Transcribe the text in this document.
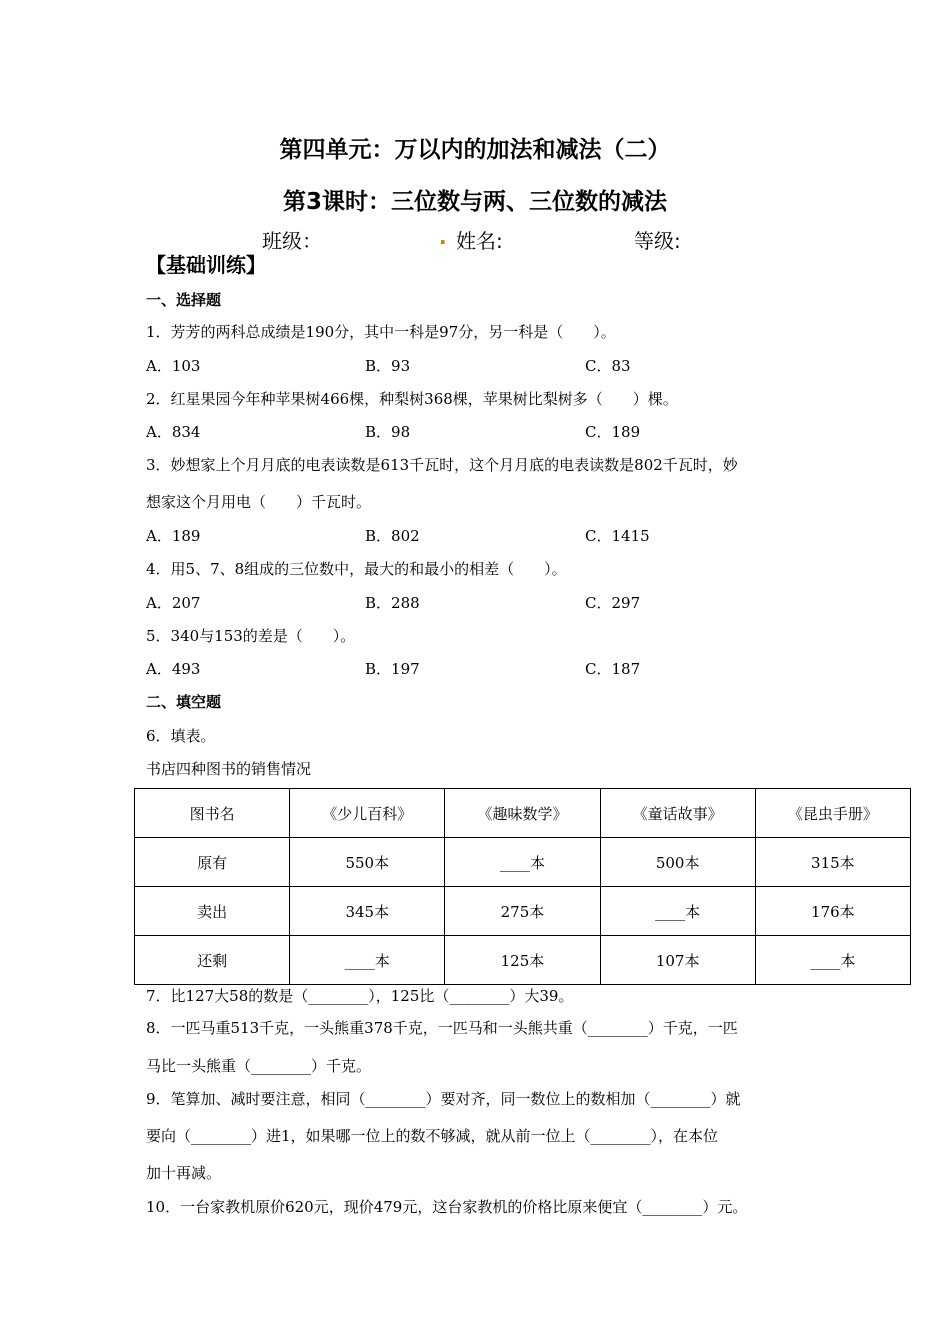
第四单元：万以内的加法和减法（二）
第3课时：三位数与两、三位数的减法
班级：	. 姓名:	等级:
【基础训练】
一、选择题
1．芳芳的两科总成绩是190分，其中一科是97分，另一科是（　　）。
A．103	B．93	C．83
2．红星果园今年种苹果树466棵，种梨树368棵，苹果树比梨树多（　　）棵。
A．834	B．98	C．189
3．妙想家上个月月底的电表读数是613千瓦时，这个月月底的电表读数是802千瓦时，妙
想家这个月用电（　　）千瓦时。
A．189	B．802	C．1415
4．用5、7、8组成的三位数中，最大的和最小的相差（　　）。
A．207	B．288	C．297
5．340与153的差是（　　）。
A．493	B．197	C．187
二、填空题
6．填表。
书店四种图书的销售情况
图书名	《少儿百科》	《趣味数学》	《童话故事》	《昆虫手册》
原有	550本	____本	500本	315本
卖出	345本	275本	____本	176本
还剩	____本	125本	107本	____本
7．比127大58的数是（________），125比（________）大39。
8．一匹马重513千克，一头熊重378千克，一匹马和一头熊共重（________）千克，一匹
马比一头熊重（________）千克。
9．笔算加、减时要注意，相同（________）要对齐，同一数位上的数相加（________）就
要向（________）进1，如果哪一位上的数不够减，就从前一位上（________），在本位
加十再减。
10．一台家教机原价620元，现价479元，这台家教机的价格比原来便宜（________）元。
